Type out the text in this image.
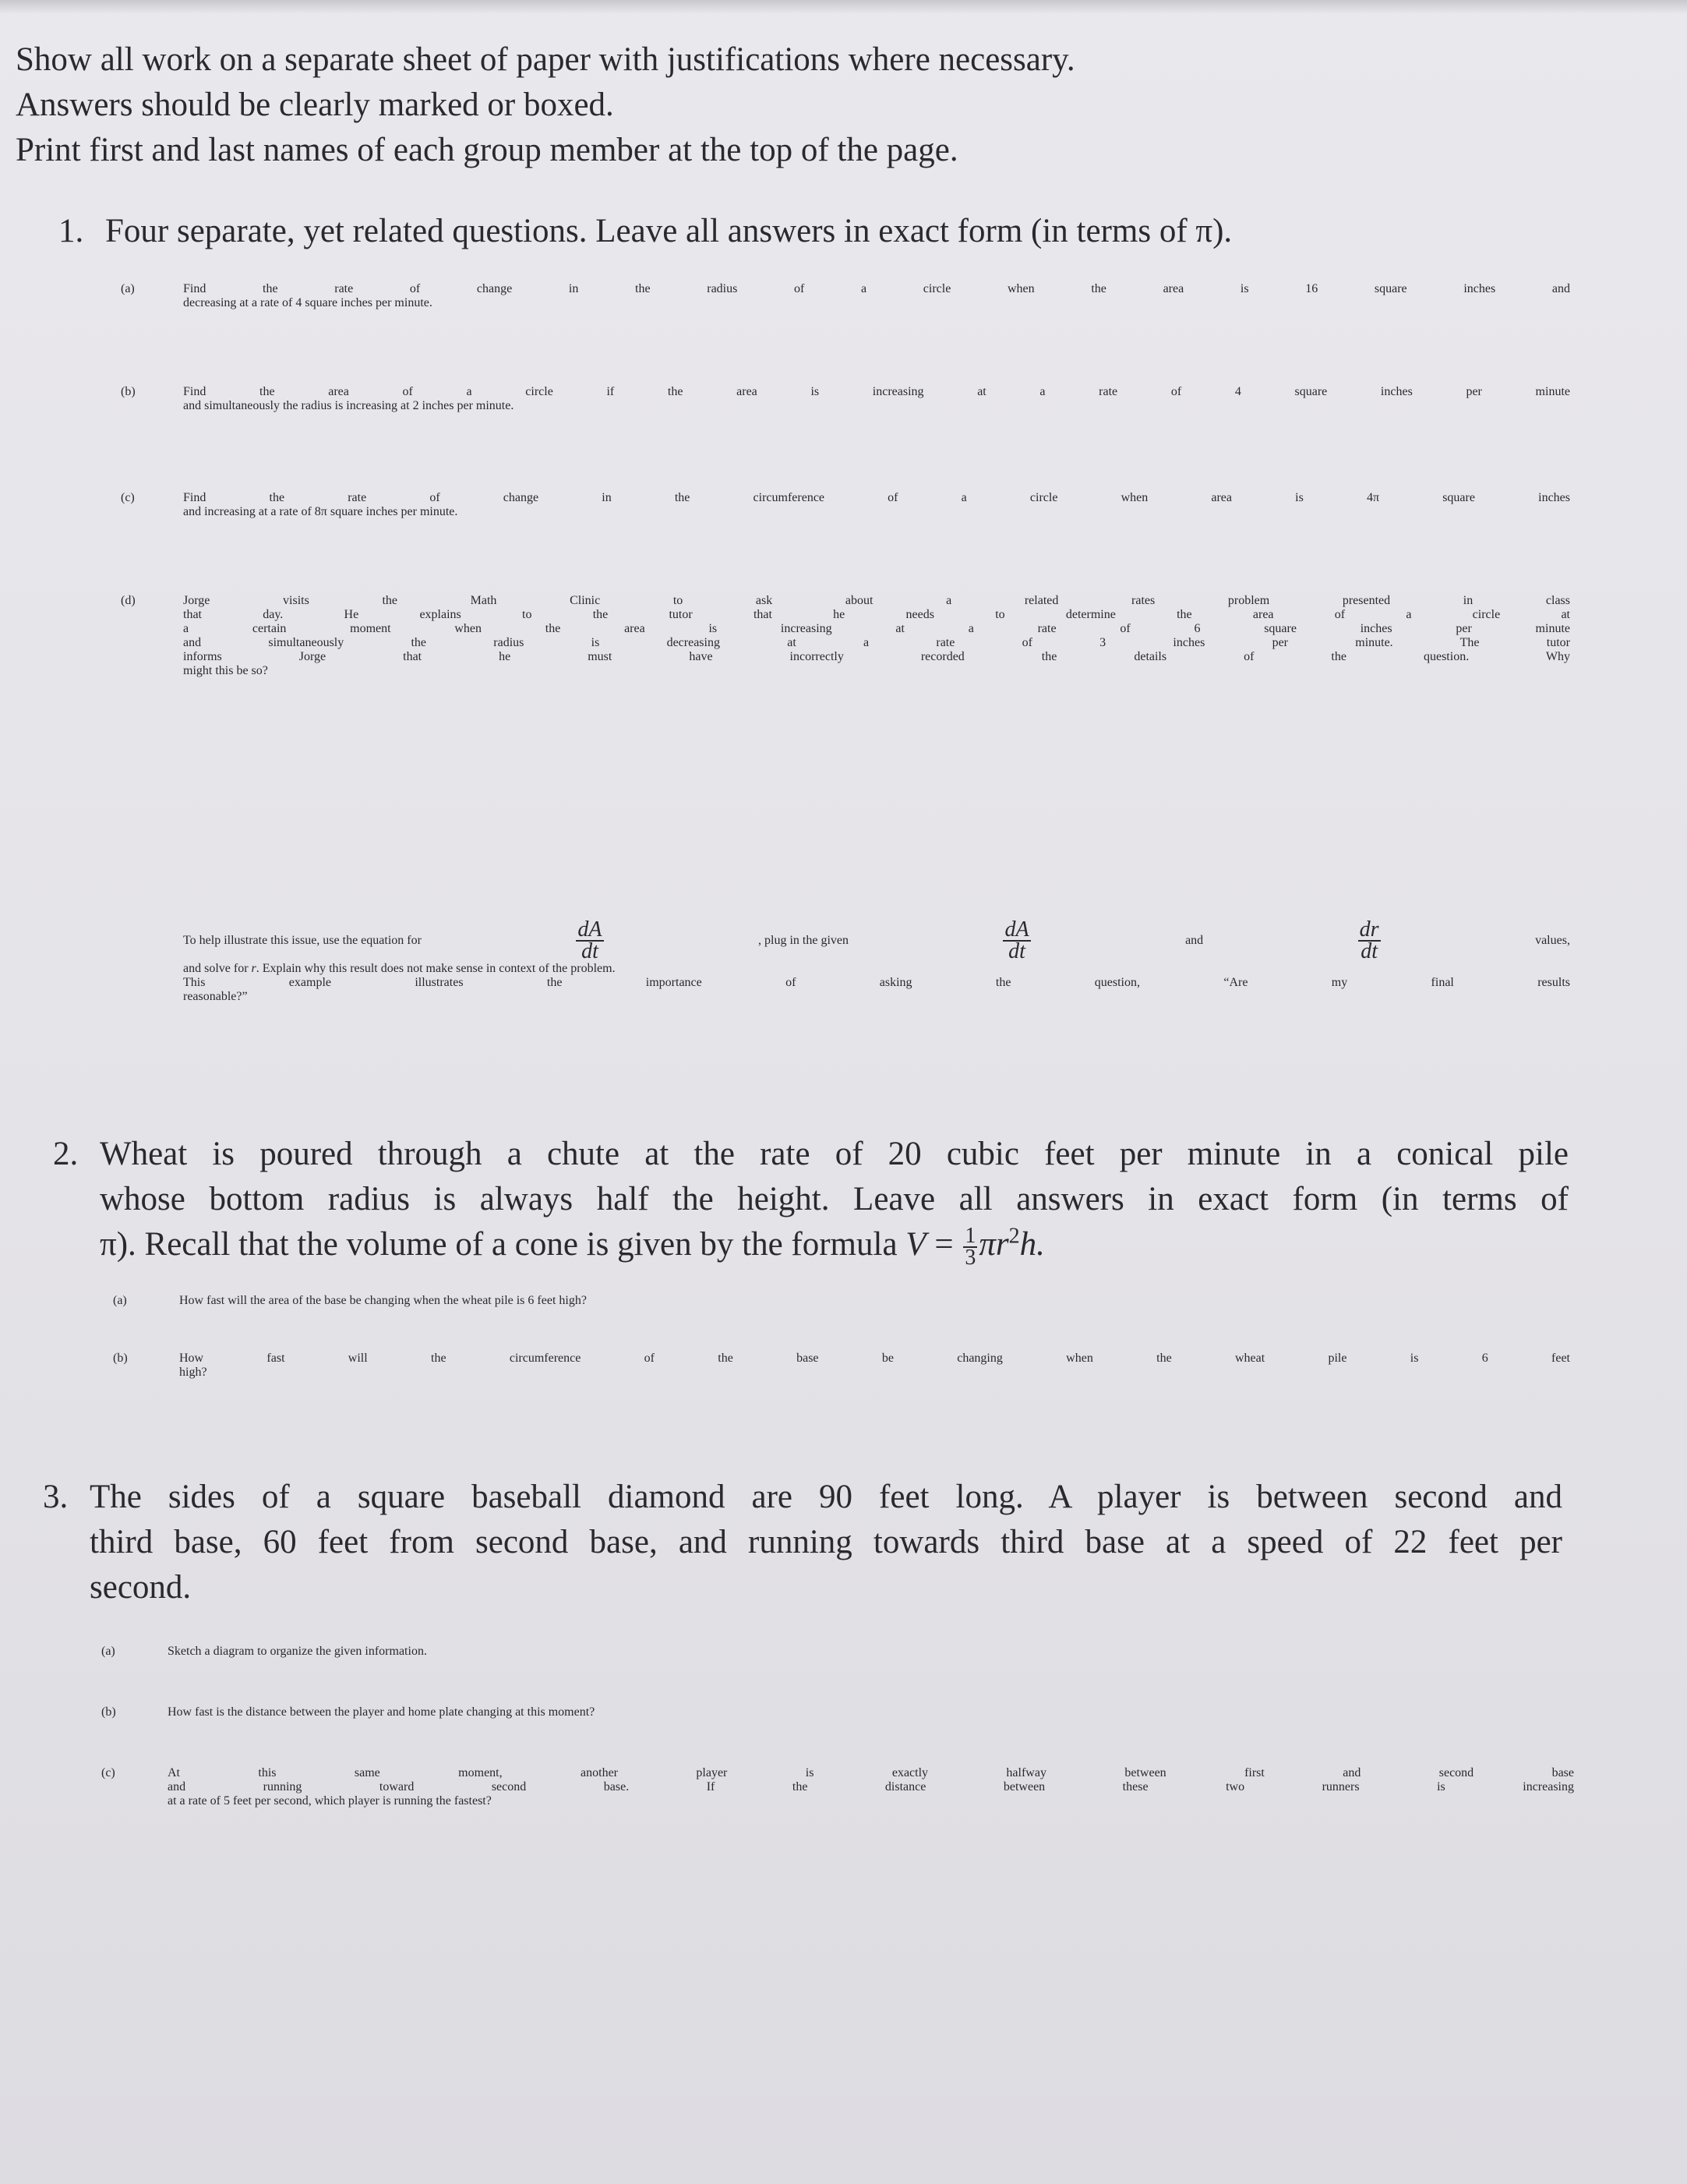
Show all work on a separate sheet of paper with justifications where necessary.
Answers should be clearly marked or boxed.
Print first and last names of each group member at the top of the page.
1. Four separate, yet related questions. Leave all answers in exact form (in terms of π).
(a)	Find the rate of change in the radius of a circle when the area is 16 square inches and
decreasing at a rate of 4 square inches per minute.
(b)	Find the area of a circle if the area is increasing at a rate of 4 square inches per minute
and simultaneously the radius is increasing at 2 inches per minute.
(c)	Find the rate of change in the circumference of a circle when area is 4π square inches
and increasing at a rate of 8π square inches per minute.
(d)	Jorge visits the Math Clinic to ask about a related rates problem presented in class
that day. He explains to the tutor that he needs to determine the area of a circle at
a certain moment when the area is increasing at a rate of 6 square inches per minute
and simultaneously the radius is decreasing at a rate of 3 inches per minute. The tutor
informs Jorge that he must have incorrectly recorded the details of the question. Why
might this be so?
To help illustrate this issue, use the equation for	$\frac{dA}{dt}$	, plug in the given	$\frac{dA}{dt}$	and	$\frac{dr}{dt}$	values,
and solve for r. Explain why this result does not make sense in context of the problem.
This example illustrates the importance of asking the question, “Are my final results
reasonable?”
2. Wheat is poured through a chute at the rate of 20 cubic feet per minute in a conical pile
whose bottom radius is always half the height. Leave all answers in exact form (in terms of
π). Recall that the volume of a cone is given by the formula $V = \frac{1}{3} \pi r^2h$.
(a)	How fast will the area of the base be changing when the wheat pile is 6 feet high?
(b)	How fast will the circumference of the base be changing when the wheat pile is 6 feet
high?
3. The sides of a square baseball diamond are 90 feet long. A player is between second and
third base, 60 feet from second base, and running towards third base at a speed of 22 feet per
second.
(a)	Sketch a diagram to organize the given information.
(b)	How fast is the distance between the player and home plate changing at this moment?
(c)	At this same moment, another player is exactly halfway between first and second base
and running toward second base. If the distance between these two runners is increasing
at a rate of 5 feet per second, which player is running the fastest?
